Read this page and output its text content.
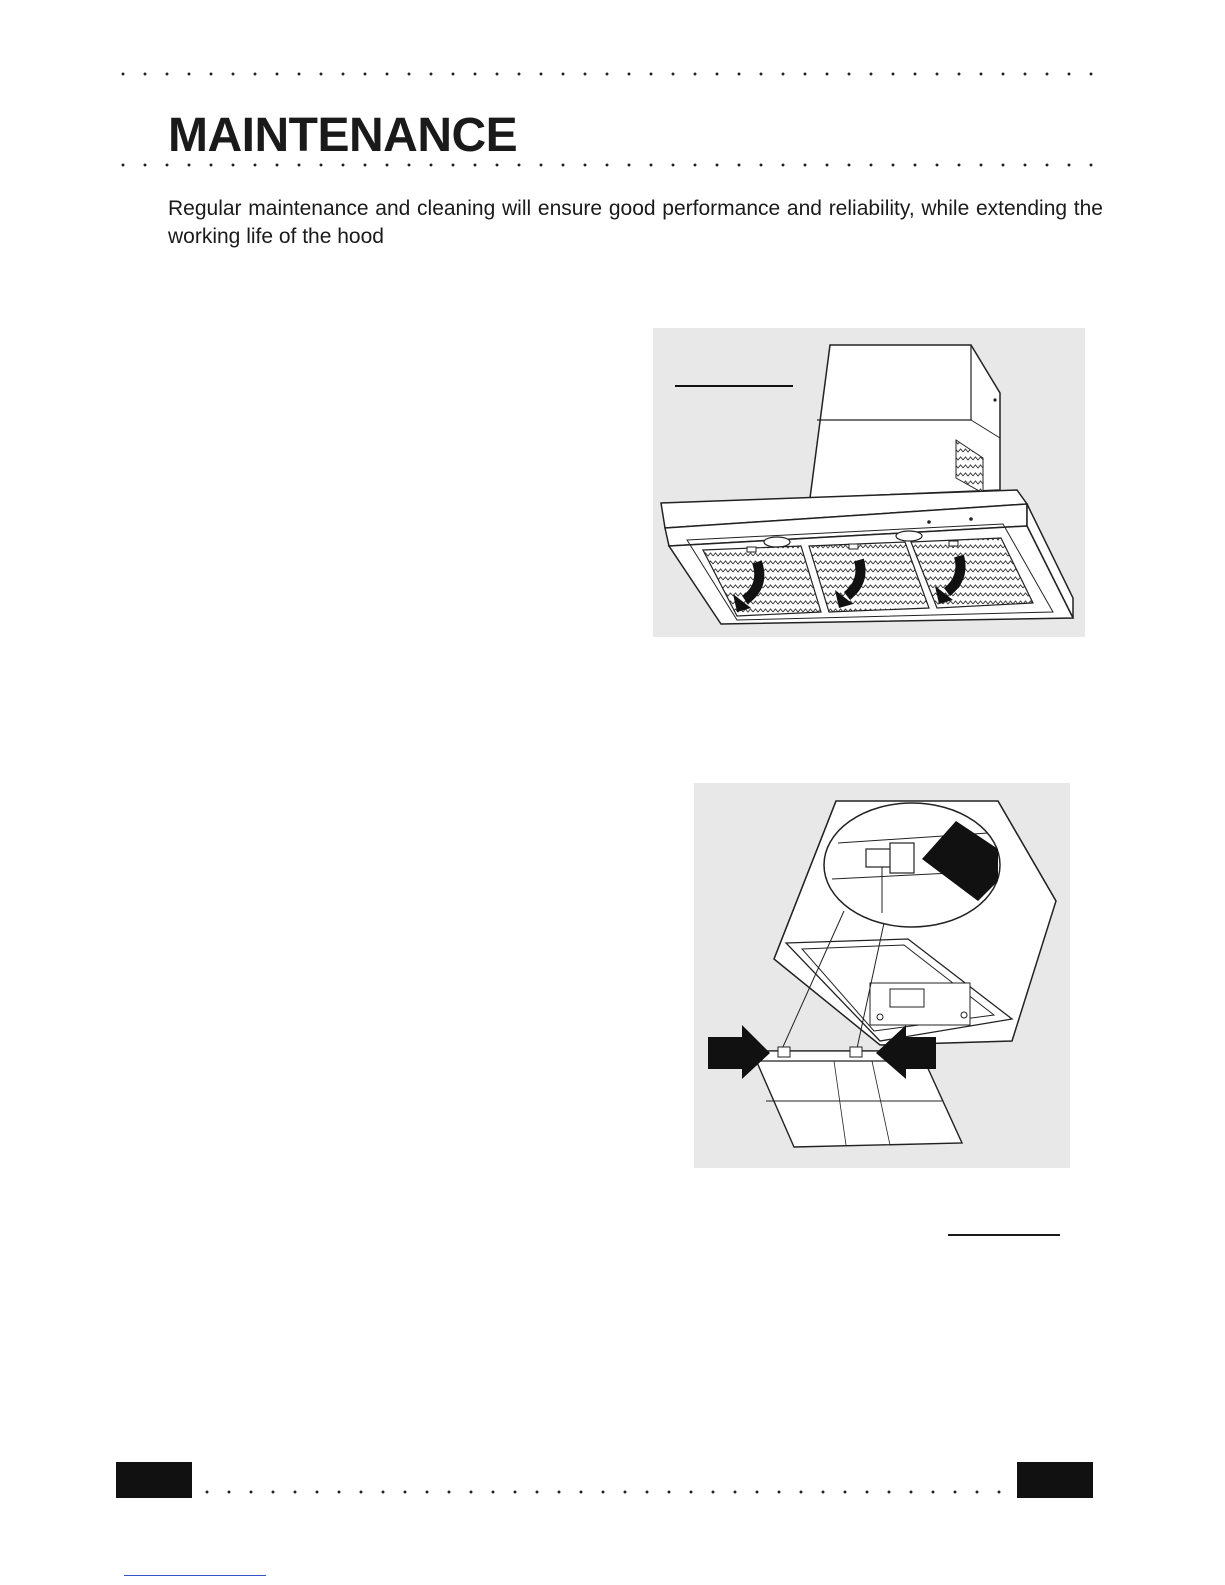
MAINTENANCE

Regular maintenance and cleaning will ensure good performance and reliability, while extending the working life of the hood
